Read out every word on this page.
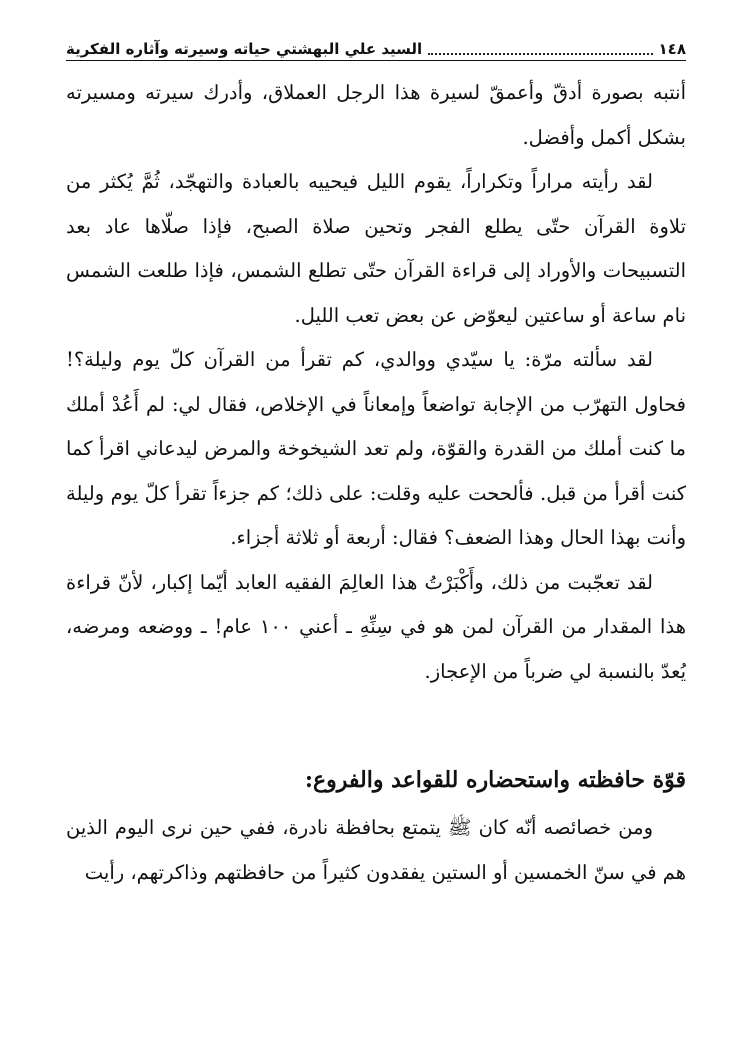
١٤٨
السيد علي البهشتي حياته وسيرته وآثاره الفكرية

أنتبه بصورة أدقّ وأعمقّ لسيرة هذا الرجل العملاق، وأدرك سيرته ومسيرته بشكل أكمل وأفضل.

لقد رأيته مراراً وتكراراً، يقوم الليل فيحييه بالعبادة والتهجّد، ثُمَّ يُكثر من تلاوة القرآن حتّى يطلع الفجر وتحين صلاة الصبح، فإذا صلّاها عاد بعد التسبيحات والأوراد إلى قراءة القرآن حتّى تطلع الشمس، فإذا طلعت الشمس نام ساعة أو ساعتين ليعوّض عن بعض تعب الليل.

لقد سألته مرّة: يا سيّدي ووالدي، كم تقرأ من القرآن كلّ يوم وليلة؟! فحاول التهرّب من الإجابة تواضعاً وإمعاناً في الإخلاص، فقال لي: لم أَعُدْ أملك ما كنت أملك من القدرة والقوّة، ولم تعد الشيخوخة والمرض ليدعاني اقرأ كما كنت أقرأ من قبل. فألححت عليه وقلت: على ذلك؛ كم جزءاً تقرأ كلّ يوم وليلة وأنت بهذا الحال وهذا الضعف؟ فقال: أربعة أو ثلاثة أجزاء.

لقد تعجّبت من ذلك، وأَكْبَرْتُ هذا العالِمَ الفقيه العابد أيّما إكبار، لأنّ قراءة هذا المقدار من القرآن لمن هو في سِنِّهِ ـ أعني ١٠٠ عام! ـ ووضعه ومرضه، يُعدّ بالنسبة لي ضرباً من الإعجاز.

قوّة حافظته واستحضاره للقواعد والفروع:

ومن خصائصه أنّه كان ﷺ يتمتع بحافظة نادرة، ففي حين نرى اليوم الذين هم في سنّ الخمسين أو الستين يفقدون كثيراً من حافظتهم وذاكرتهم، رأيت
